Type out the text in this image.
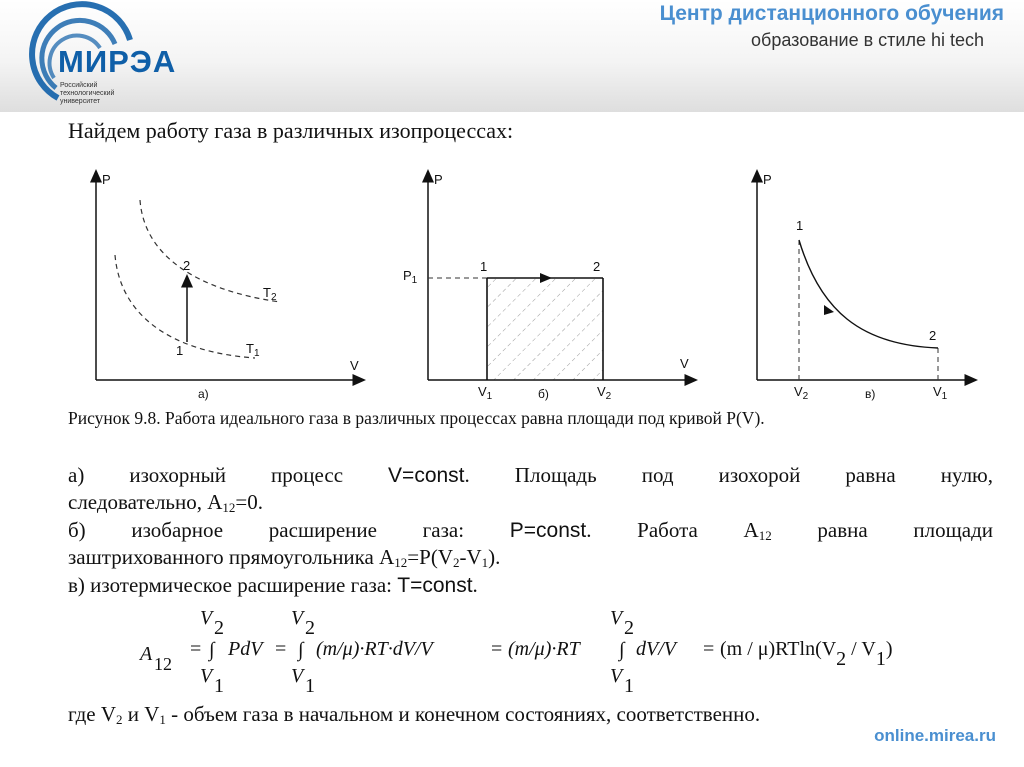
МИРЭА
Российский
технологический
университет
Центр дистанционного обучения
образование в стиле hi tech
Найдем работу газа в различных изопроцессах:
P
V
2
1
$T_2$
$T_1$
а)
P
V
$P_1$
1	2
$V_1$	$V_2$
б)
P
1
2
$V_2$	$V_1$
в)
Рисунок 9.8. Работа идеального газа в различных процессах равна площади под кривой P(V).
а) изохорный процесс V=const. Площадь под изохорой равна нулю,
следовательно, $A_{12}=0$.
б) изобарное расширение газа: P=const. Работа $A_{12}$ равна площади
заштрихованного прямоугольника $A_{12}=P(V_2-V_1)$.
в) изотермическое расширение газа: T=const.
A 12
=
V 2
∫
V 1
PdV =
V 2
∫
V 1
(m/μ)·RT·dV/V	= (m/μ)·RT
V 2
∫
V 1
dV/V = (m / μ)RTln(V2 / V1)
где $V_2$ и $V_1$ - объем газа в начальном и конечном состояниях, соответственно.
online.mirea.ru
